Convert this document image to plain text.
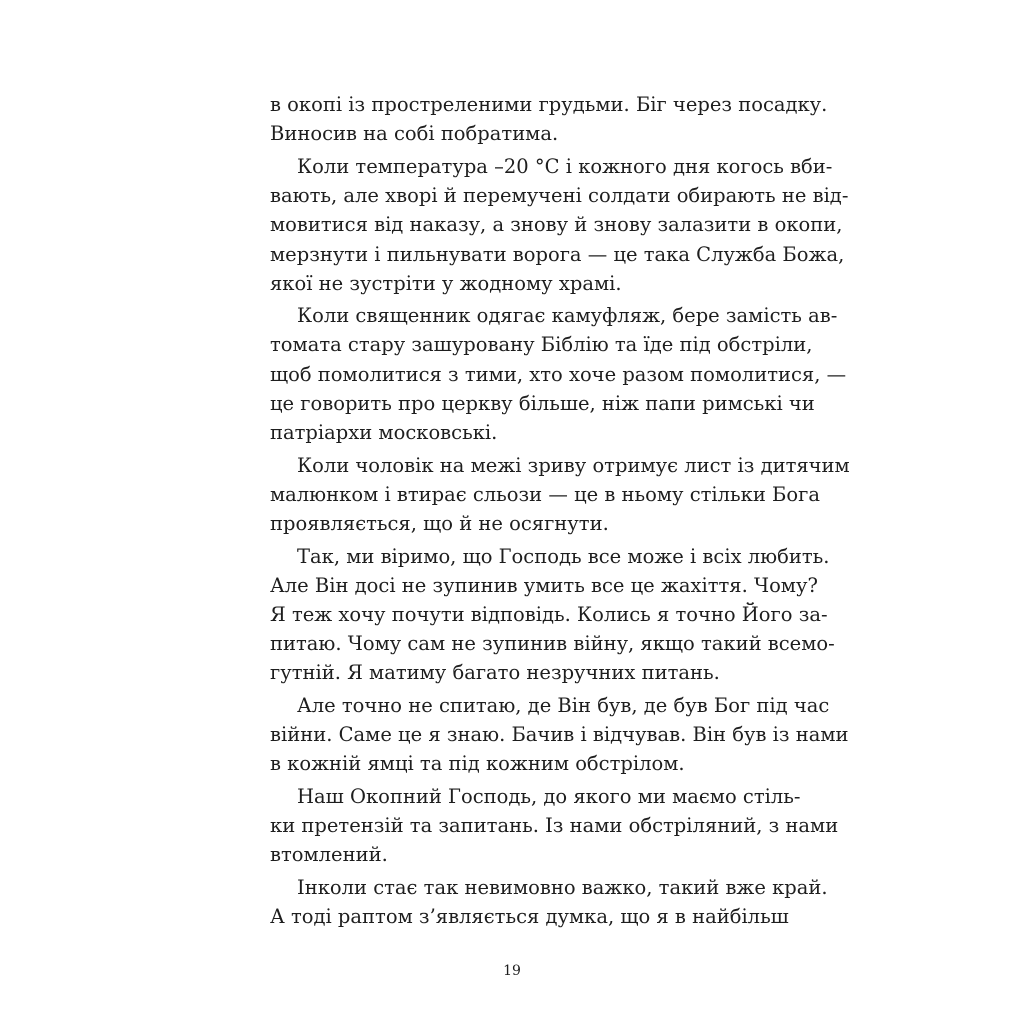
в окопі із простреленими грудьми. Біг через посадку.
Виносив на собі побратима.
Коли температура –20 °С і кожного дня когось вби-
вають, але хворі й перемучені солдати обирають не від-
мовитися від наказу, а знову й знову залазити в окопи,
мерзнути і пильнувати ворога — це така Служба Божа,
якої не зустріти у жодному храмі.
Коли священник одягає камуфляж, бере замість ав-
томата стару зашуровану Біблію та їде під обстріли,
щоб помолитися з тими, хто хоче разом помолитися, —
це говорить про церкву більше, ніж папи римські чи
патріархи московські.
Коли чоловік на межі зриву отримує лист із дитячим
малюнком і втирає сльози — це в ньому стільки Бога
проявляється, що й не осягнути.
Так, ми віримо, що Господь все може і всіх любить.
Але Він досі не зупинив умить все це жахіття. Чому?
Я теж хочу почути відповідь. Колись я точно Його за-
питаю. Чому сам не зупинив війну, якщо такий всемо-
гутній. Я матиму багато незручних питань.
Але точно не спитаю, де Він був, де був Бог під час
війни. Саме це я знаю. Бачив і відчував. Він був із нами
в кожній ямці та під кожним обстрілом.
Наш Окопний Господь, до якого ми маємо стіль-
ки претензій та запитань. Із нами обстріляний, з нами
втомлений.
Інколи стає так невимовно важко, такий вже край.
А тоді раптом з’являється думка, що я в найбільш
19
